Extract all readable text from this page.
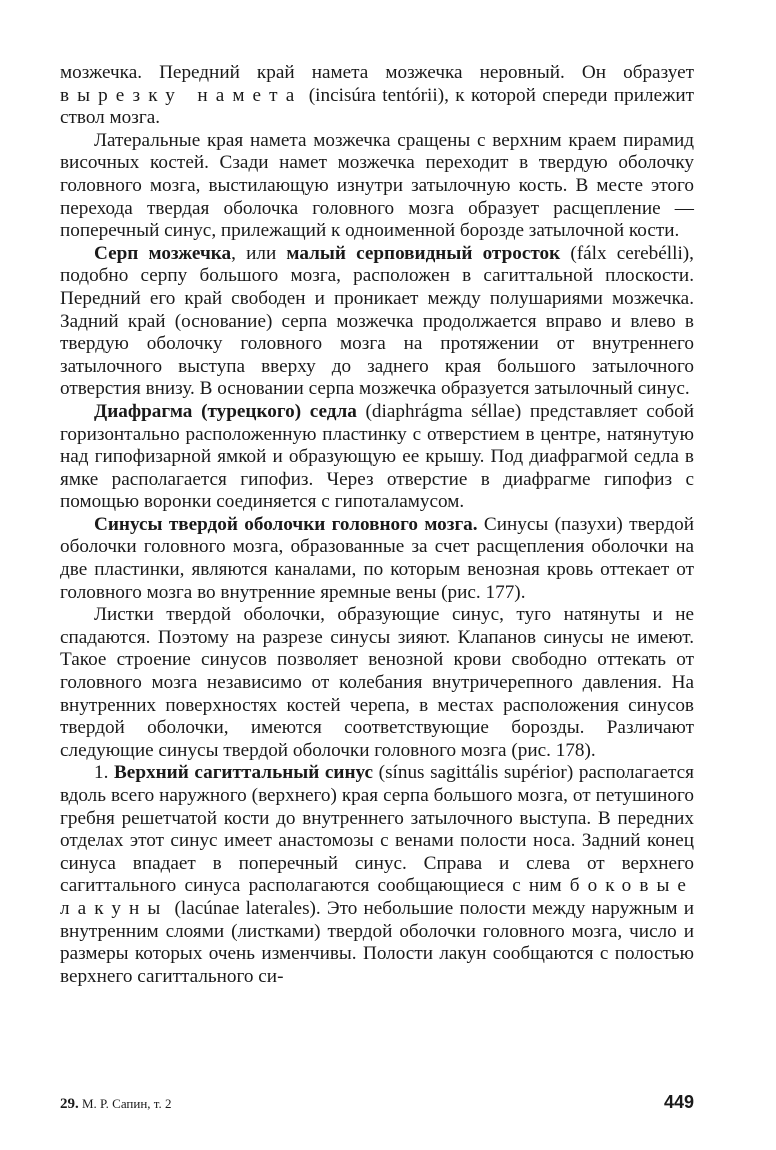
мозжечка. Передний край намета мозжечка неровный. Он образует вырезку намета (incisúra tentórii), к которой спереди прилежит ствол мозга.

Латеральные края намета мозжечка сращены с верхним краем пирамид височных костей. Сзади намет мозжечка переходит в твердую оболочку головного мозга, выстилающую изнутри затылочную кость. В месте этого перехода твердая оболочка головного мозга образует расщепление — поперечный синус, прилежащий к одноименной борозде затылочной кости.

Серп мозжечка, или малый серповидный отросток (fálx cerebélli), подобно серпу большого мозга, расположен в сагиттальной плоскости. Передний его край свободен и проникает между полушариями мозжечка. Задний край (основание) серпа мозжечка продолжается вправо и влево в твердую оболочку головного мозга на протяжении от внутреннего затылочного выступа вверху до заднего края большого затылочного отверстия внизу. В основании серпа мозжечка образуется затылочный синус.

Диафрагма (турецкого) седла (diaphrágma séllae) представляет собой горизонтально расположенную пластинку с отверстием в центре, натянутую над гипофизарной ямкой и образующую ее крышу. Под диафрагмой седла в ямке располагается гипофиз. Через отверстие в диафрагме гипофиз с помощью воронки соединяется с гипоталамусом.

Синусы твердой оболочки головного мозга. Синусы (пазухи) твердой оболочки головного мозга, образованные за счет расщепления оболочки на две пластинки, являются каналами, по которым венозная кровь оттекает от головного мозга во внутренние яремные вены (рис. 177).

Листки твердой оболочки, образующие синус, туго натянуты и не спадаются. Поэтому на разрезе синусы зияют. Клапанов синусы не имеют. Такое строение синусов позволяет венозной крови свободно оттекать от головного мозга независимо от колебания внутричерепного давления. На внутренних поверхностях костей черепа, в местах расположения синусов твердой оболочки, имеются соответствующие борозды. Различают следующие синусы твердой оболочки головного мозга (рис. 178).

1. Верхний сагиттальный синус (sínus sagittális supérior) располагается вдоль всего наружного (верхнего) края серпа большого мозга, от петушиного гребня решетчатой кости до внутреннего затылочного выступа. В передних отделах этот синус имеет анастомозы с венами полости носа. Задний конец синуса впадает в поперечный синус. Справа и слева от верхнего сагиттального синуса располагаются сообщающиеся с ним боковые лакуны (lacúnae laterales). Это небольшие полости между наружным и внутренним слоями (листками) твердой оболочки головного мозга, число и размеры которых очень изменчивы. Полости лакун сообщаются с полостью верхнего сагиттального си-

29. М. Р. Сапин, т. 2	449
